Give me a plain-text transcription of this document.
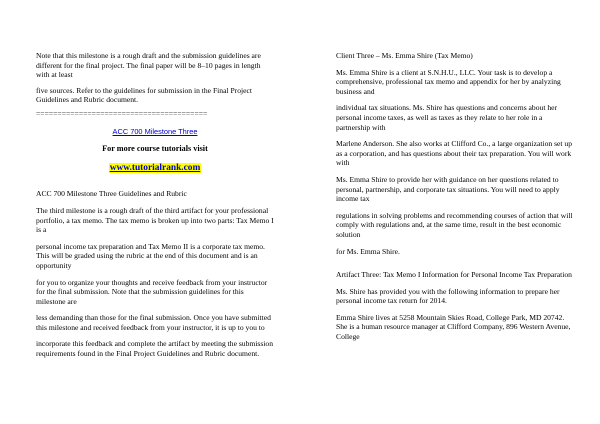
Note that this milestone is a rough draft and the submission guidelines are different for the final project. The final paper will be 8–10 pages in length with at least

five sources. Refer to the guidelines for submission in the Final Project Guidelines and Rubric document.

========================================
ACC 700 Milestone Three
For more course tutorials visit
www.tutorialrank.com

ACC 700 Milestone Three Guidelines and Rubric

The third milestone is a rough draft of the third artifact for your professional portfolio, a tax memo. The tax memo is broken up into two parts: Tax Memo I is a

personal income tax preparation and Tax Memo II is a corporate tax memo. This will be graded using the rubric at the end of this document and is an opportunity

for you to organize your thoughts and receive feedback from your instructor for the final submission. Note that the submission guidelines for this milestone are

less demanding than those for the final submission. Once you have submitted this milestone and received feedback from your instructor, it is up to you to

incorporate this feedback and complete the artifact by meeting the submission requirements found in the Final Project Guidelines and Rubric document.

Client Three – Ms. Emma Shire (Tax Memo)

Ms. Emma Shire is a client at S.N.H.U., LLC. Your task is to develop a comprehensive, professional tax memo and appendix for her by analyzing business and

individual tax situations. Ms. Shire has questions and concerns about her personal income taxes, as well as taxes as they relate to her role in a partnership with

Marlene Anderson. She also works at Clifford Co., a large organization set up as a corporation, and has questions about their tax preparation. You will work with

Ms. Emma Shire to provide her with guidance on her questions related to personal, partnership, and corporate tax situations. You will need to apply income tax

regulations in solving problems and recommending courses of action that will comply with regulations and, at the same time, result in the best economic solution

for Ms. Emma Shire.

Artifact Three: Tax Memo I Information for Personal Income Tax Preparation

Ms. Shire has provided you with the following information to prepare her personal income tax return for 2014.

Emma Shire lives at 5258 Mountain Skies Road, College Park, MD 20742. She is a human resource manager at Clifford Company, 896 Western Avenue, College
